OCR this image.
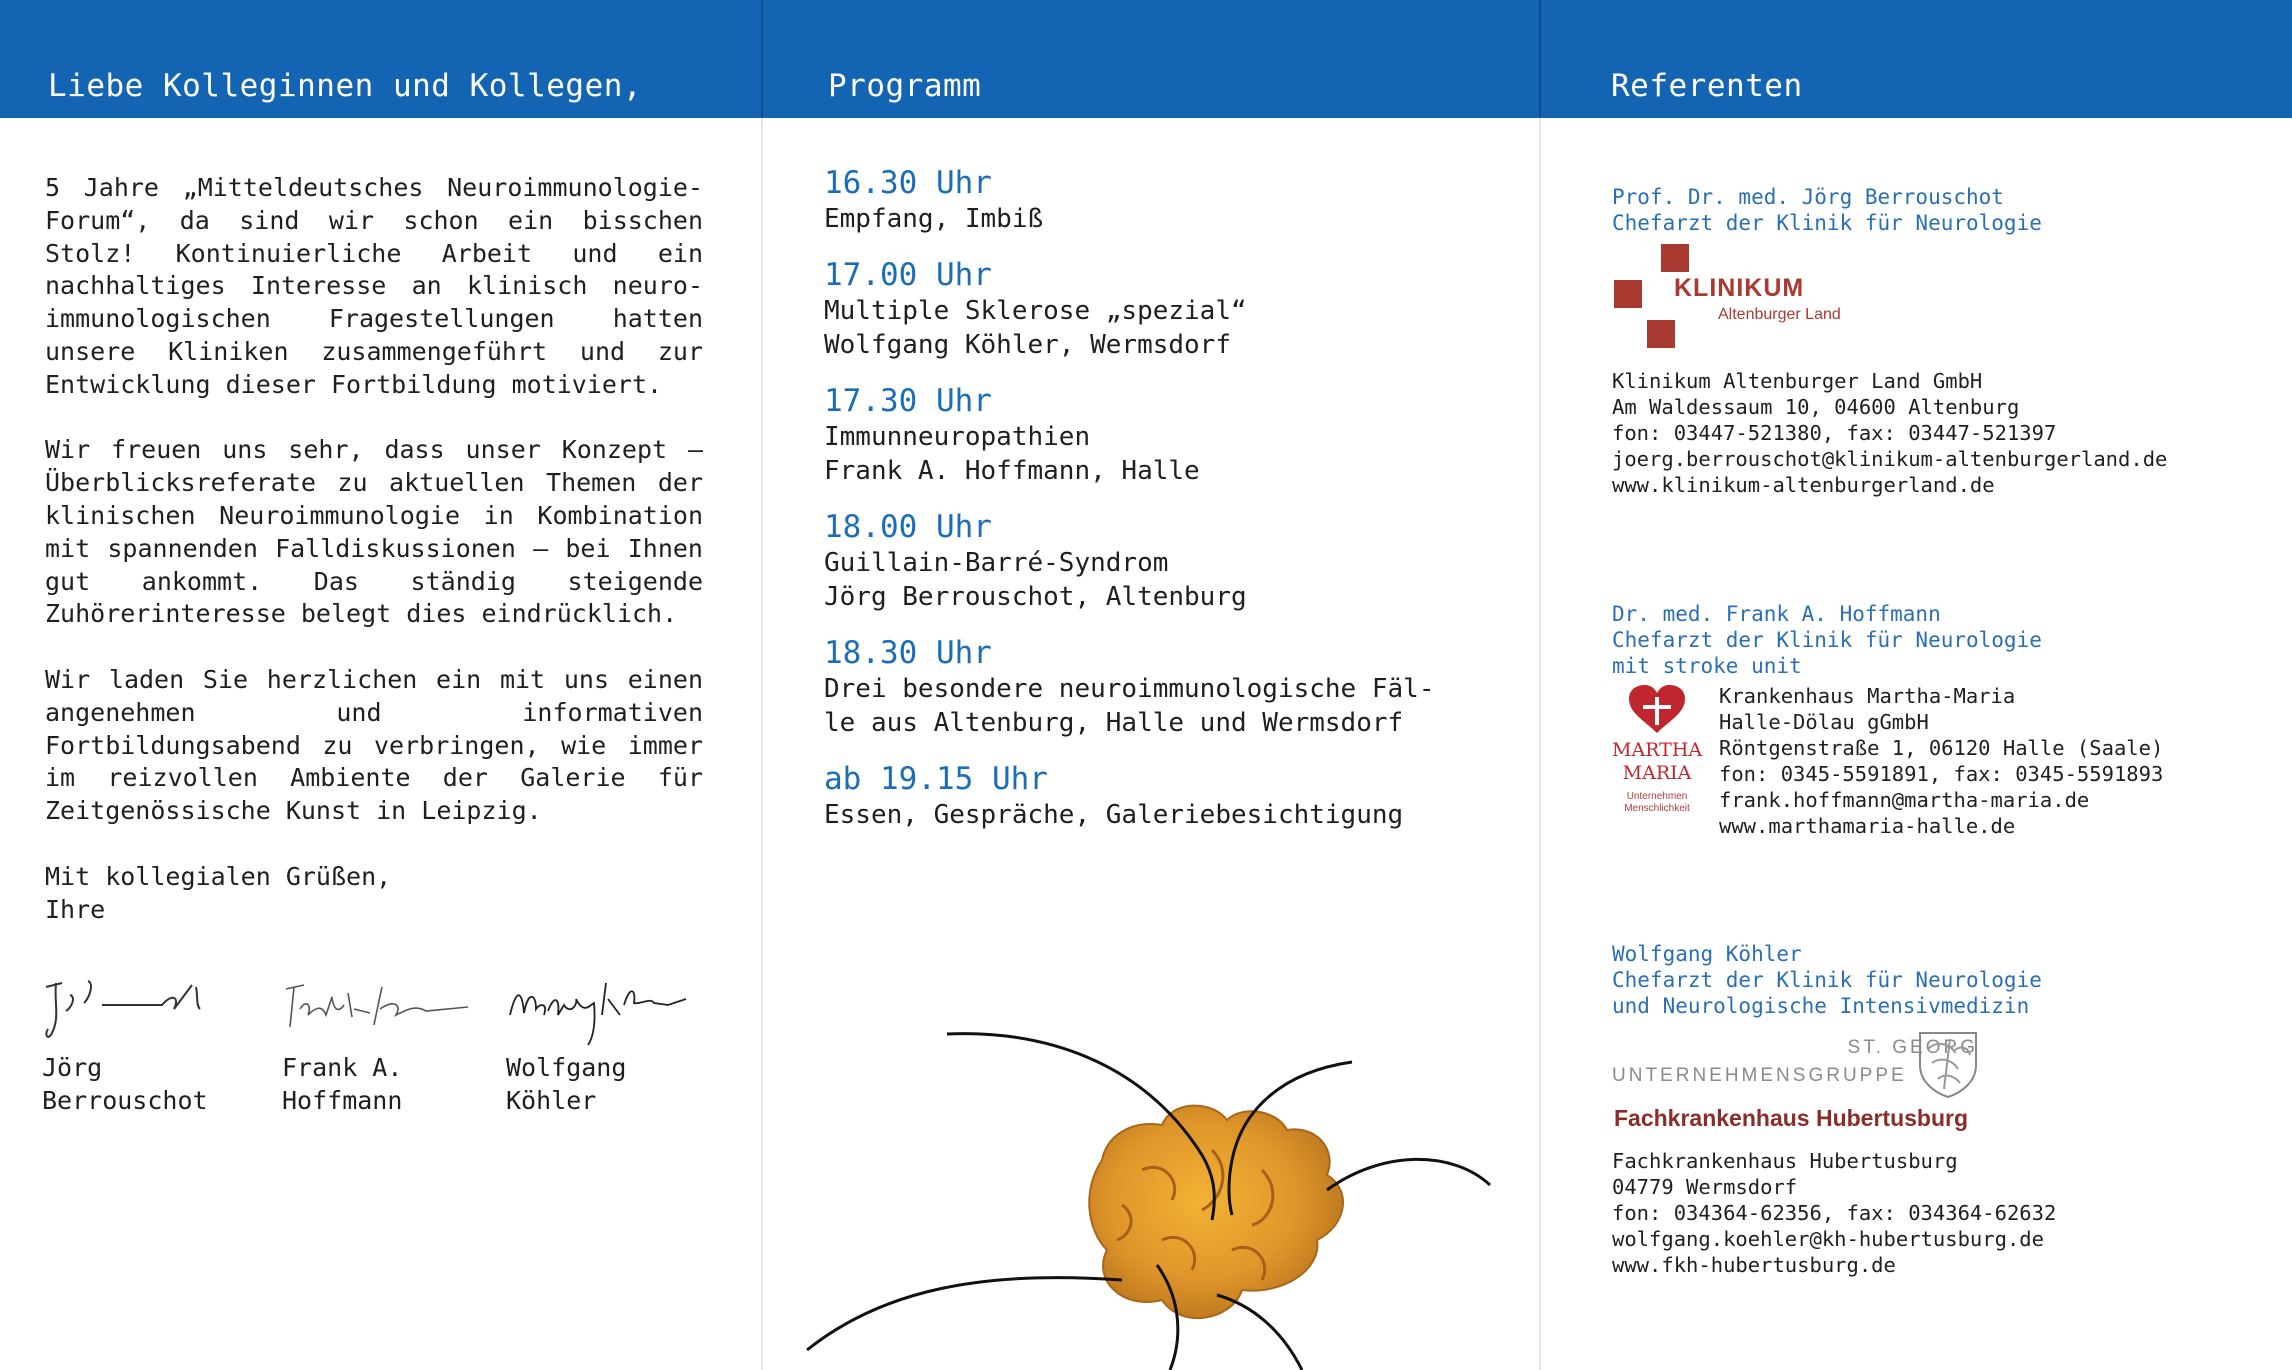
Liebe Kolleginnen und Kollegen,

5 Jahre „Mitteldeutsches Neuroimmunologie-Forum“, da sind wir schon ein bisschen Stolz! Kontinuierliche Arbeit und ein nachhaltiges Interesse an klinisch neuro-immunologischen Fragestellungen hatten unsere Kliniken zusammengeführt und zur Entwicklung dieser Fortbildung motiviert.

Wir freuen uns sehr, dass unser Konzept – Überblicksreferate zu aktuellen Themen der klinischen Neuroimmunologie in Kombination mit spannenden Falldiskussionen – bei Ihnen gut ankommt. Das ständig steigende Zuhörerinteresse belegt dies eindrücklich.

Wir laden Sie herzlichen ein mit uns einen angenehmen und informativen Fortbildungsabend zu verbringen, wie immer im reizvollen Ambiente der Galerie für Zeitgenössische Kunst in Leipzig.

Mit kollegialen Grüßen,
Ihre

Jörg
Berrouschot
Frank A.
Hoffmann
Wolfgang
Köhler
Programm
16.30 Uhr
Empfang, Imbiß
17.00 Uhr
Multiple Sklerose „spezial“
Wolfgang Köhler, Wermsdorf
17.30 Uhr
Immunneuropathien
Frank A. Hoffmann, Halle
18.00 Uhr
Guillain-Barré-Syndrom
Jörg Berrouschot, Altenburg
18.30 Uhr
Drei besondere neuroimmunologische Fäl-
le aus Altenburg, Halle und Wermsdorf
ab 19.15 Uhr
Essen, Gespräche, Galeriebesichtigung
Referenten
Prof. Dr. med. Jörg Berrouschot
Chefarzt der Klinik für Neurologie
KLINIKUM
Altenburger Land
Klinikum Altenburger Land GmbH
Am Waldessaum 10, 04600 Altenburg
fon: 03447-521380, fax: 03447-521397
joerg.berrouschot@klinikum-altenburgerland.de
www.klinikum-altenburgerland.de
Dr. med. Frank A. Hoffmann
Chefarzt der Klinik für Neurologie
mit stroke unit
MARTHA
MARIA
Unternehmen
Menschlichkeit
Krankenhaus Martha-Maria
Halle-Dölau gGmbH
Röntgenstraße 1, 06120 Halle (Saale)
fon: 0345-5591891, fax: 0345-5591893
frank.hoffmann@martha-maria.de
www.marthamaria-halle.de
Wolfgang Köhler
Chefarzt der Klinik für Neurologie
und Neurologische Intensivmedizin
ST. GEORG
UNTERNEHMENSGRUPPE
Fachkrankenhaus Hubertusburg
Fachkrankenhaus Hubertusburg
04779 Wermsdorf
fon: 034364-62356, fax: 034364-62632
wolfgang.koehler@kh-hubertusburg.de
www.fkh-hubertusburg.de
